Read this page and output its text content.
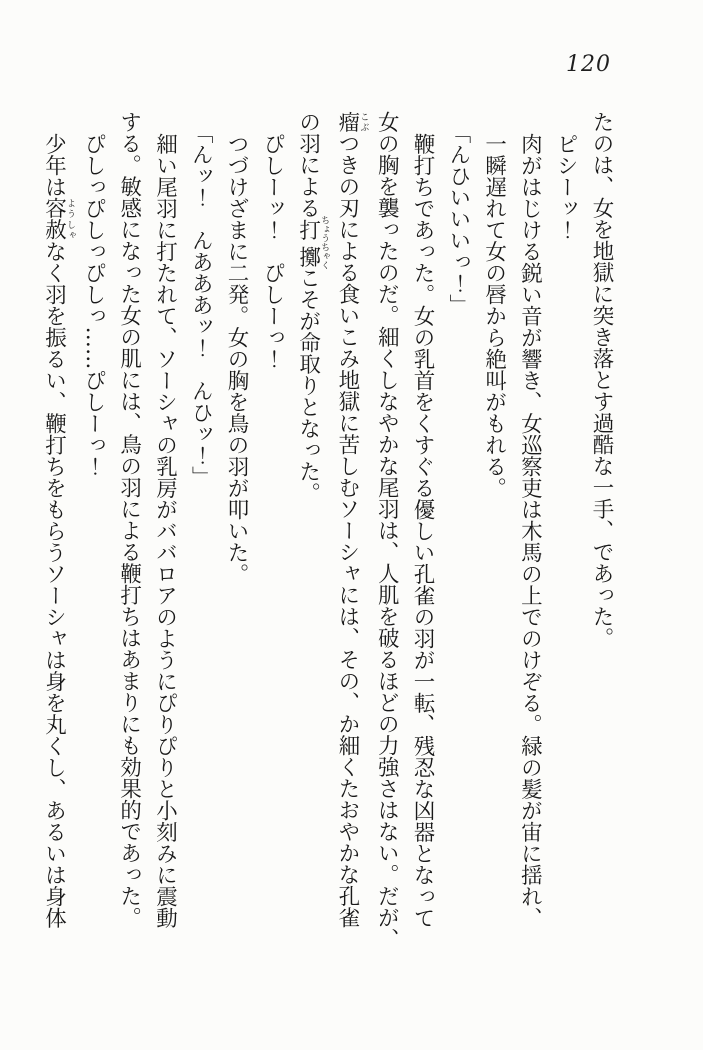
120

たのは、女を地獄に突き落とす過酷な一手、であった。

ピシーッ！

肉がはじける鋭い音が響き、女巡察吏は木馬の上でのけぞる。緑の髪が宙に揺れ、

一瞬遅れて女の唇から絶叫がもれる。

「んひいいいっ！」

鞭打ちであった。女の乳首をくすぐる優しい孔雀の羽が一転、残忍な凶器となって

女の胸を襲ったのだ。細くしなやかな尾羽は、人肌を破るほどの力強さはない。だが、

瘤こぶつきの刃による食いこみ地獄に苦しむソーシャには、その、か細くたおやかな孔雀

の羽による打擲ちょうちゃくこそが命取りとなった。

ぴしーッ！　ぴしーっ！

つづけざまに二発。女の胸を鳥の羽が叩いた。

「んッ！　んあああッ！　んひッ！」

細い尾羽に打たれて、ソーシャの乳房がババロアのようにぴりぴりと小刻みに震動

する。敏感になった女の肌には、鳥の羽による鞭打ちはあまりにも効果的であった。

ぴしっぴしっぴしっ……ぴしーっ！

少年は容赦ようしゃなく羽を振るい、鞭打ちをもらうソーシャは身を丸くし、あるいは身体
